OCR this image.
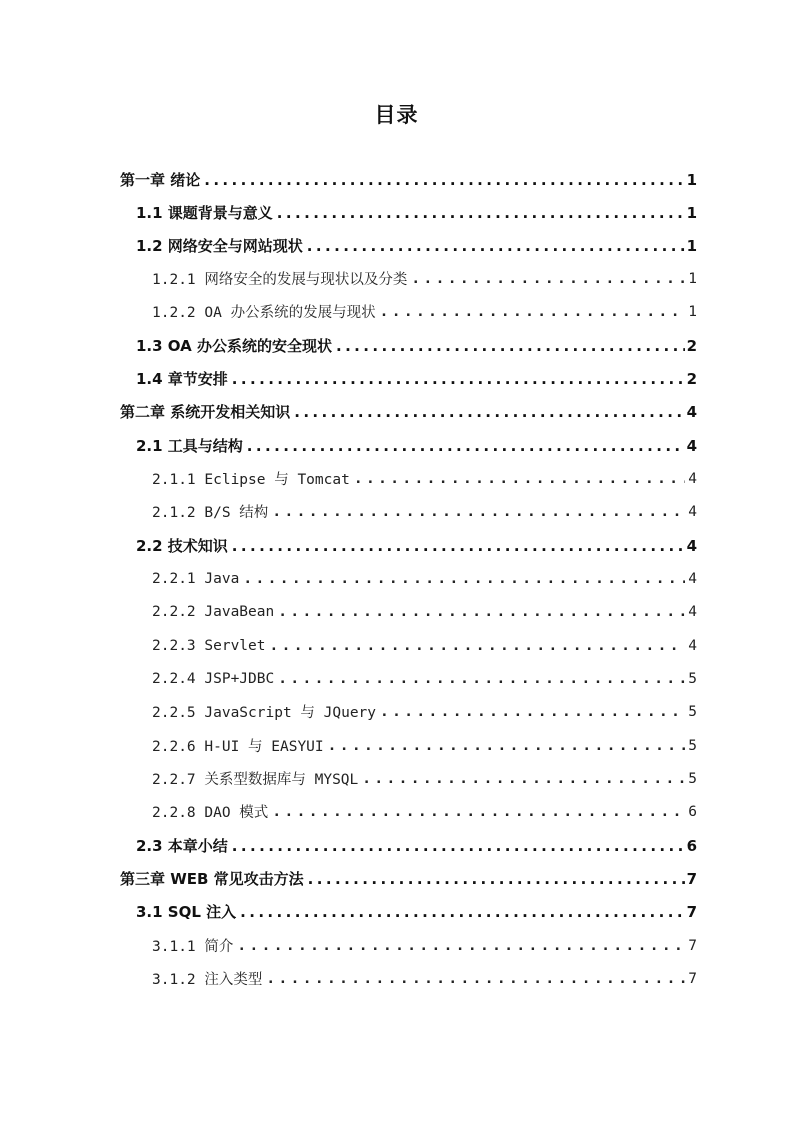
目录
第一章 绪论 .....	1
1.1 课题背景与意义 .....	1
1.2 网络安全与网站现状 .....	1
1.2.1 网络安全的发展与现状以及分类 .....	1
1.2.2 OA 办公系统的发展与现状 .....	1
1.3 OA 办公系统的安全现状 .....	2
1.4 章节安排 .....	2
第二章 系统开发相关知识 .....	4
2.1 工具与结构 .....	4
2.1.1 Eclipse 与 Tomcat .....	4
2.1.2 B/S 结构 .....	4
2.2 技术知识 .....	4
2.2.1 Java .....	4
2.2.2 JavaBean .....	4
2.2.3 Servlet .....	4
2.2.4 JSP+JDBC .....	5
2.2.5 JavaScript 与 JQuery .....	5
2.2.6 H-UI 与 EASYUI .....	5
2.2.7 关系型数据库与 MYSQL .....	5
2.2.8 DAO 模式 .....	6
2.3 本章小结 .....	6
第三章 WEB 常见攻击方法 .....	7
3.1 SQL 注入 .....	7
3.1.1 简介 .....	7
3.1.2 注入类型 .....	7
